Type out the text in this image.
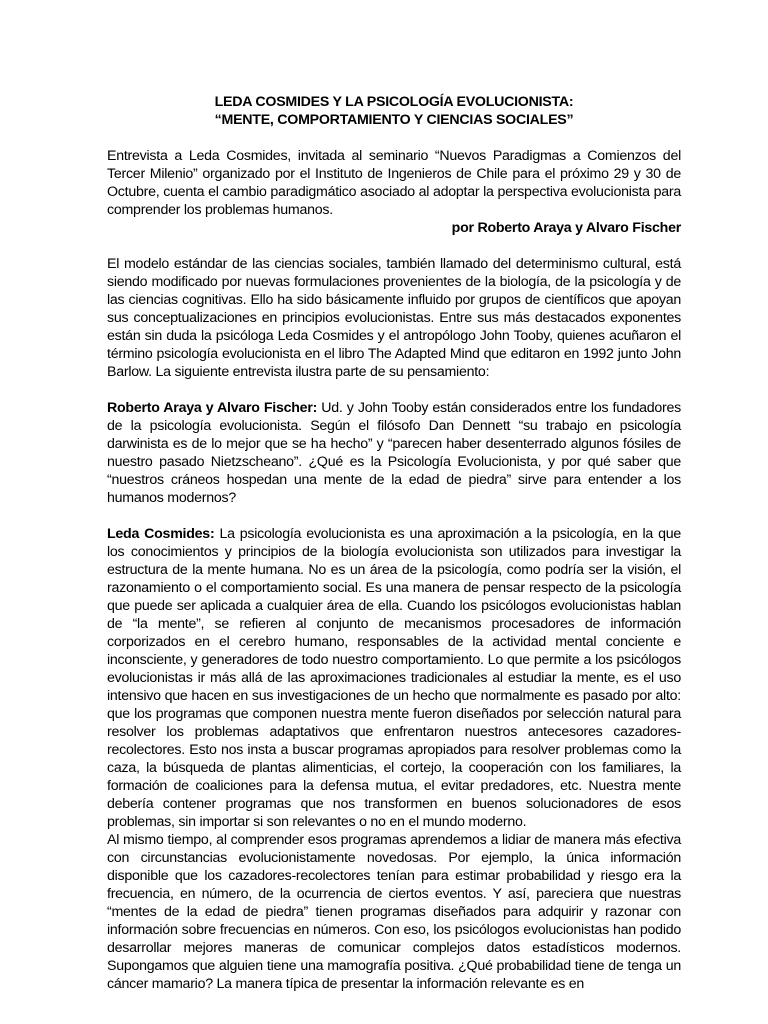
LEDA COSMIDES Y LA PSICOLOGÍA EVOLUCIONISTA:

“MENTE, COMPORTAMIENTO Y CIENCIAS SOCIALES”

Entrevista a Leda Cosmides, invitada al seminario “Nuevos Paradigmas a Comienzos del Tercer Milenio” organizado por el Instituto de Ingenieros de Chile para el próximo 29 y 30 de Octubre, cuenta el cambio paradigmático asociado al adoptar la perspectiva evolucionista para comprender los problemas humanos.

por Roberto Araya y Alvaro Fischer

El modelo estándar de las ciencias sociales, también llamado del determinismo cultural, está siendo modificado por nuevas formulaciones provenientes de la biología, de la psicología y de las ciencias cognitivas. Ello ha sido básicamente influido por grupos de científicos que apoyan sus conceptualizaciones en principios evolucionistas. Entre sus más destacados exponentes están sin duda la psicóloga Leda Cosmides y el antropólogo John Tooby, quienes acuñaron el término psicología evolucionista en el libro The Adapted Mind que editaron en 1992 junto John Barlow. La siguiente entrevista ilustra parte de su pensamiento:

Roberto Araya y Alvaro Fischer: Ud. y John Tooby están considerados entre los fundadores de la psicología evolucionista. Según el filósofo Dan Dennett “su trabajo en psicología darwinista es de lo mejor que se ha hecho” y “parecen haber desenterrado algunos fósiles de nuestro pasado Nietzscheano”. ¿Qué es la Psicología Evolucionista, y por qué saber que “nuestros cráneos hospedan una mente de la edad de piedra” sirve para entender a los humanos modernos?

Leda Cosmides: La psicología evolucionista es una aproximación a la psicología, en la que los conocimientos y principios de la biología evolucionista son utilizados para investigar la estructura de la mente humana. No es un área de la psicología, como podría ser la visión, el razonamiento o el comportamiento social. Es una manera de pensar respecto de la psicología que puede ser aplicada a cualquier área de ella. Cuando los psicólogos evolucionistas hablan de “la mente”, se refieren al conjunto de mecanismos procesadores de información corporizados en el cerebro humano, responsables de la actividad mental conciente e inconsciente, y generadores de todo nuestro comportamiento. Lo que permite a los psicólogos evolucionistas ir más allá de las aproximaciones tradicionales al estudiar la mente, es el uso intensivo que hacen en sus investigaciones de un hecho que normalmente es pasado por alto: que los programas que componen nuestra mente fueron diseñados por selección natural para resolver los problemas adaptativos que enfrentaron nuestros antecesores cazadores-recolectores. Esto nos insta a buscar programas apropiados para resolver problemas como la caza, la búsqueda de plantas alimenticias, el cortejo, la cooperación con los familiares, la formación de coaliciones para la defensa mutua, el evitar predadores, etc. Nuestra mente debería contener programas que nos transformen en buenos solucionadores de esos problemas, sin importar si son relevantes o no en el mundo moderno.

Al mismo tiempo, al comprender esos programas aprendemos a lidiar de manera más efectiva con circunstancias evolucionistamente novedosas. Por ejemplo, la única información disponible que los cazadores-recolectores tenían para estimar probabilidad y riesgo era la frecuencia, en número, de la ocurrencia de ciertos eventos. Y así, pareciera que nuestras “mentes de la edad de piedra” tienen programas diseñados para adquirir y razonar con información sobre frecuencias en números. Con eso, los psicólogos evolucionistas han podido desarrollar mejores maneras de comunicar complejos datos estadísticos modernos. Supongamos que alguien tiene una mamografía positiva. ¿Qué probabilidad tiene de tenga un cáncer mamario? La manera típica de presentar la información relevante es en
